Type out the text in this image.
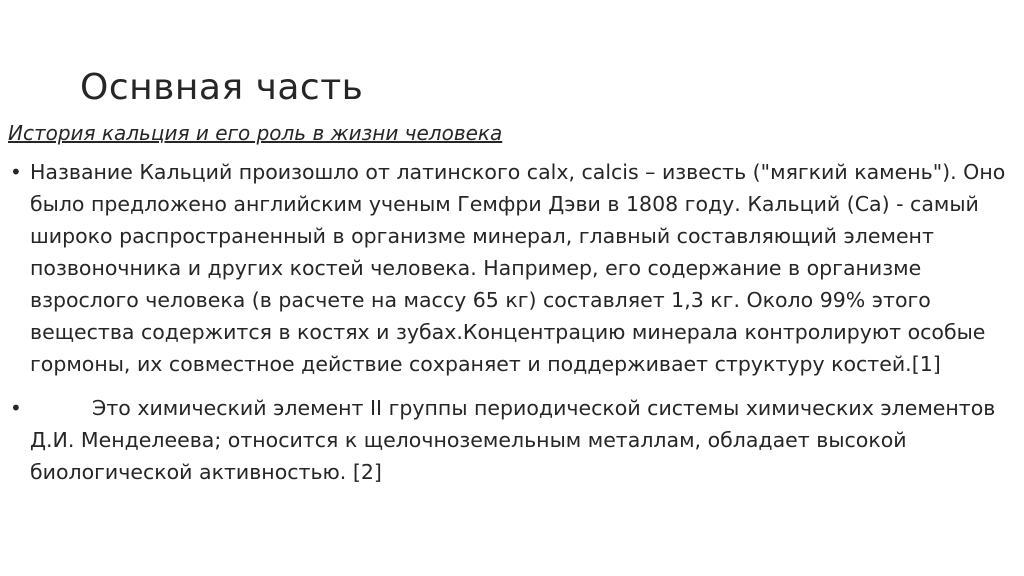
Оснвная часть
История кальция и его роль в жизни человека
• Название Кальций произошло от латинского calx, calcis – известь ("мягкий камень"). Оно было предложено английским ученым Гемфри Дэви в 1808 году. Кальций (Са) - самый широко распространенный в организме минерал, главный составляющий элемент позвоночника и других костей человека. Например, его содержание в организме взрослого человека (в расчете на массу 65 кг) составляет 1,3 кг. Около 99% этого вещества содержится в костях и зубах.Концентрацию минерала контролируют особые гормоны, их совместное действие сохраняет и поддерживает структуру костей.[1]
•	Это химический элемент II группы периодической системы химических элементов Д.И. Менделеева; относится к щелочноземельным металлам, обладает высокой биологической активностью. [2]
